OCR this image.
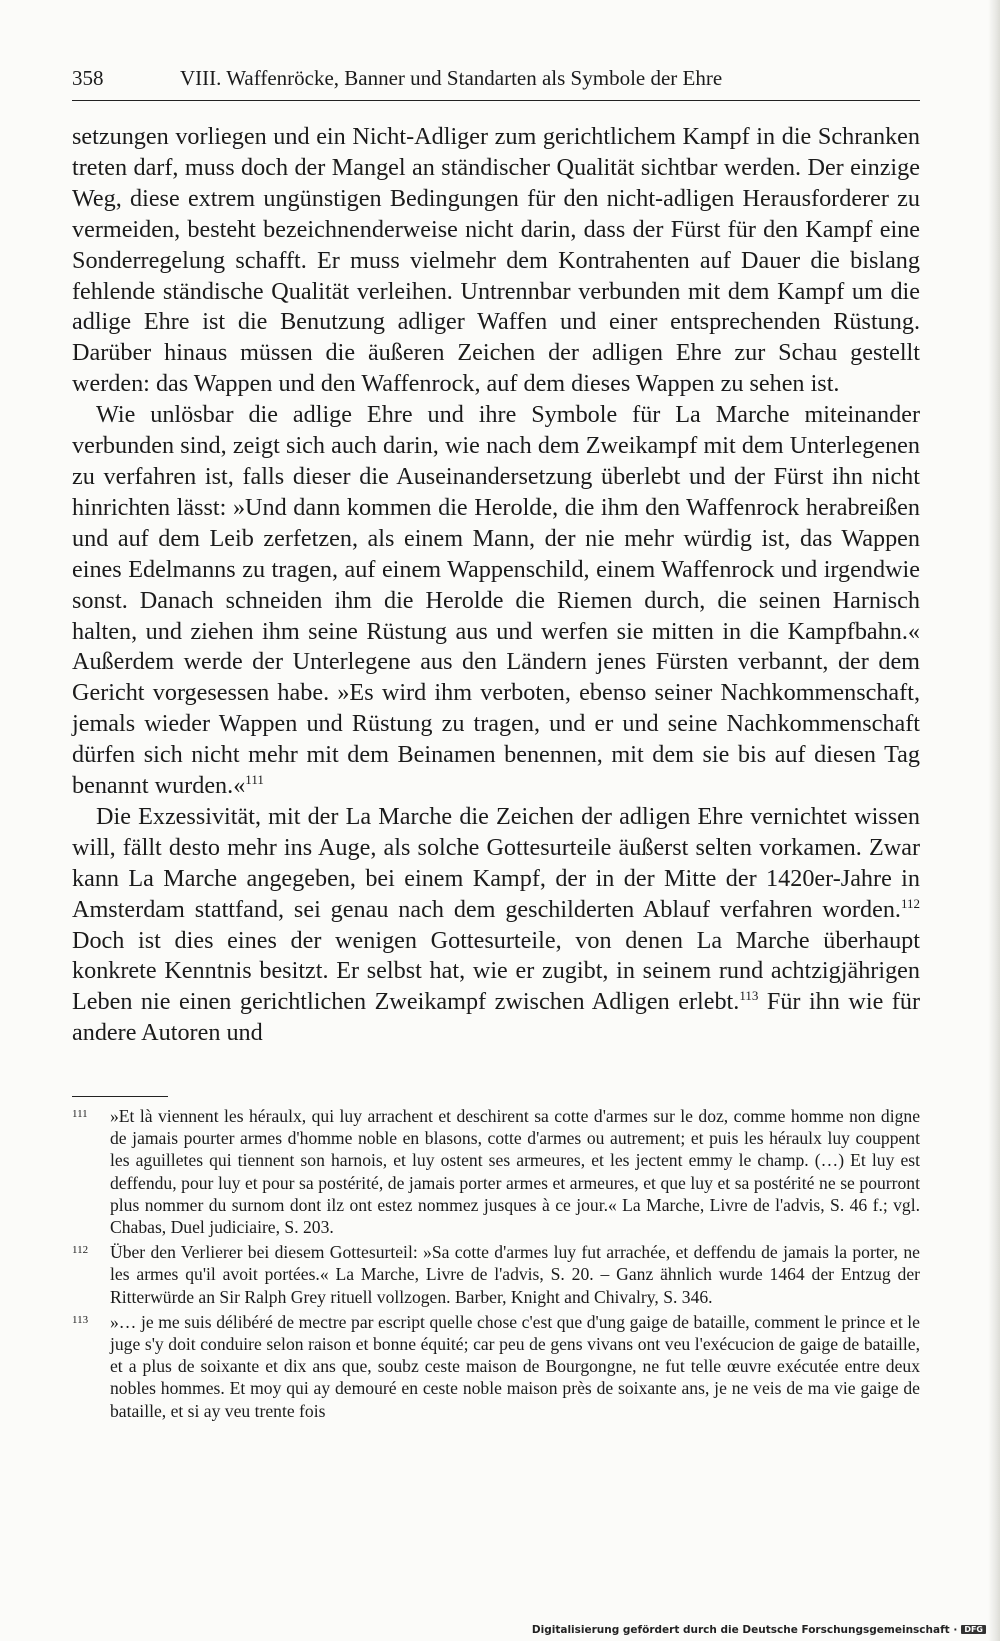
358	VIII. Waffenröcke, Banner und Standarten als Symbole der Ehre

setzungen vorliegen und ein Nicht-Adliger zum gerichtlichem Kampf in die Schranken treten darf, muss doch der Mangel an ständischer Qualität sichtbar werden. Der einzige Weg, diese extrem ungünstigen Bedingungen für den nicht-adligen Herausforderer zu vermeiden, besteht bezeichnenderweise nicht darin, dass der Fürst für den Kampf eine Sonderregelung schafft. Er muss vielmehr dem Kontrahenten auf Dauer die bislang fehlende ständische Qualität verleihen. Untrennbar verbunden mit dem Kampf um die adlige Ehre ist die Benutzung adliger Waffen und einer entsprechenden Rüstung. Darüber hinaus müssen die äußeren Zeichen der adligen Ehre zur Schau gestellt werden: das Wappen und den Waffenrock, auf dem dieses Wappen zu sehen ist.

Wie unlösbar die adlige Ehre und ihre Symbole für La Marche miteinander verbunden sind, zeigt sich auch darin, wie nach dem Zweikampf mit dem Unterlegenen zu verfahren ist, falls dieser die Auseinandersetzung überlebt und der Fürst ihn nicht hinrichten lässt: »Und dann kommen die Herolde, die ihm den Waffenrock herabreißen und auf dem Leib zerfetzen, als einem Mann, der nie mehr würdig ist, das Wappen eines Edelmanns zu tragen, auf einem Wappenschild, einem Waffenrock und irgendwie sonst. Danach schneiden ihm die Herolde die Riemen durch, die seinen Harnisch halten, und ziehen ihm seine Rüstung aus und werfen sie mitten in die Kampfbahn.« Außerdem werde der Unterlegene aus den Ländern jenes Fürsten verbannt, der dem Gericht vorgesessen habe. »Es wird ihm verboten, ebenso seiner Nachkommenschaft, jemals wieder Wappen und Rüstung zu tragen, und er und seine Nachkommenschaft dürfen sich nicht mehr mit dem Beinamen benennen, mit dem sie bis auf diesen Tag benannt wurden.«$^{111}$

Die Exzessivität, mit der La Marche die Zeichen der adligen Ehre vernichtet wissen will, fällt desto mehr ins Auge, als solche Gottesurteile äußerst selten vorkamen. Zwar kann La Marche angegeben, bei einem Kampf, der in der Mitte der 1420er-Jahre in Amsterdam stattfand, sei genau nach dem geschilderten Ablauf verfahren worden.$^{112}$ Doch ist dies eines der wenigen Gottesurteile, von denen La Marche überhaupt konkrete Kenntnis besitzt. Er selbst hat, wie er zugibt, in seinem rund achtzigjährigen Leben nie einen gerichtlichen Zweikampf zwischen Adligen erlebt.$^{113}$ Für ihn wie für andere Autoren und

111 »Et là viennent les héraulx, qui luy arrachent et deschirent sa cotte d'armes sur le doz, comme homme non digne de jamais pourter armes d'homme noble en blasons, cotte d'armes ou autrement; et puis les héraulx luy couppent les aguilletes qui tiennent son harnois, et luy ostent ses armeures, et les jectent emmy le champ. (…) Et luy est deffendu, pour luy et pour sa postérité, de jamais porter armes et armeures, et que luy et sa postérité ne se pourront plus nommer du surnom dont ilz ont estez nommez jusques à ce jour.« La Marche, Livre de l'advis, S. 46 f.; vgl. Chabas, Duel judiciaire, S. 203.
112 Über den Verlierer bei diesem Gottesurteil: »Sa cotte d'armes luy fut arrachée, et deffendu de jamais la porter, ne les armes qu'il avoit portées.« La Marche, Livre de l'advis, S. 20. – Ganz ähnlich wurde 1464 der Entzug der Ritterwürde an Sir Ralph Grey rituell vollzogen. Barber, Knight and Chivalry, S. 346.
113 »… je me suis délibéré de mectre par escript quelle chose c'est que d'ung gaige de bataille, comment le prince et le juge s'y doit conduire selon raison et bonne équité; car peu de gens vivans ont veu l'exécucion de gaige de bataille, et a plus de soixante et dix ans que, soubz ceste maison de Bourgongne, ne fut telle œuvre exécutée entre deux nobles hommes. Et moy qui ay demouré en ceste noble maison près de soixante ans, je ne veis de ma vie gaige de bataille, et si ay veu trente fois
Digitalisierung gefördert durch die Deutsche Forschungsgemeinschaft · DFG
